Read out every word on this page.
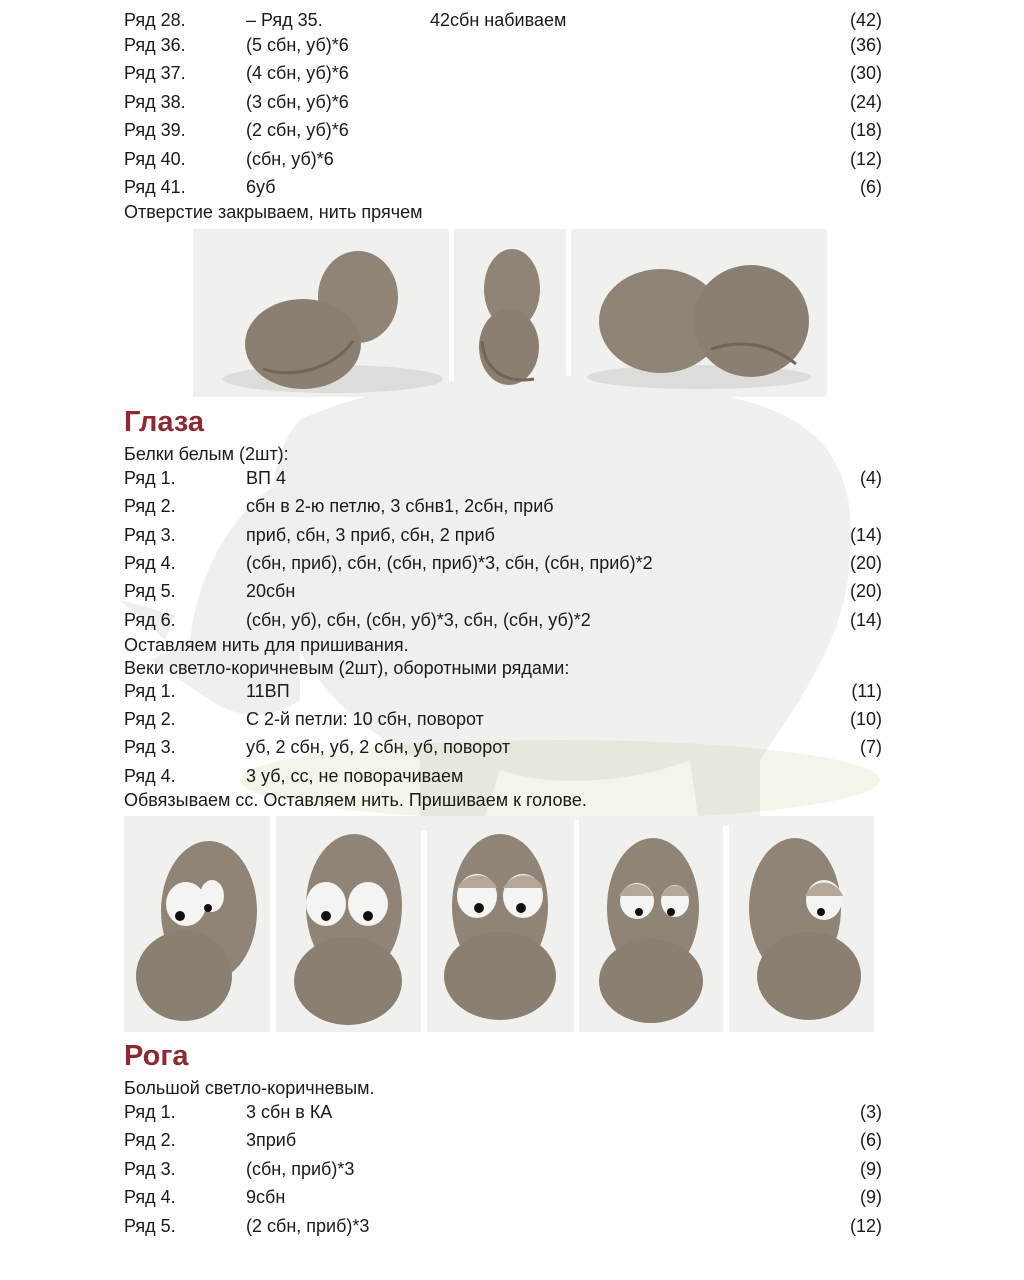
Ряд 28.	– Ряд 35.	42сбн набиваем	(42)
Ряд 36.	(5 сбн, уб)*6	(36)
Ряд 37.	(4 сбн, уб)*6	(30)
Ряд 38.	(3 сбн, уб)*6	(24)
Ряд 39.	(2 сбн, уб)*6	(18)
Ряд 40.	(сбн, уб)*6	(12)
Ряд 41.	6уб	(6)
Отверстие закрываем, нить прячем
Глаза
Белки белым (2шт):
Ряд 1.	ВП 4	(4)
Ряд 2.	сбн в 2-ю петлю, 3 сбнв1, 2сбн, приб
Ряд 3.	приб, сбн, 3 приб, сбн, 2 приб	(14)
Ряд 4.	(сбн, приб), сбн, (сбн, приб)*3, сбн, (сбн, приб)*2	(20)
Ряд 5.	20сбн	(20)
Ряд 6.	(сбн, уб), сбн, (сбн, уб)*3, сбн, (сбн, уб)*2	(14)
Оставляем нить для пришивания.
Веки светло-коричневым (2шт), оборотными рядами:
Ряд 1.	11ВП	(11)
Ряд 2.	С 2-й петли: 10 сбн, поворот	(10)
Ряд 3.	уб, 2 сбн, уб, 2 сбн, уб, поворот	(7)
Ряд 4.	3 уб, сс, не поворачиваем
Обвязываем сс. Оставляем нить. Пришиваем к голове.
Рога
Большой светло-коричневым.
Ряд 1.	3 сбн в КА	(3)
Ряд 2.	3приб	(6)
Ряд 3.	(сбн, приб)*3	(9)
Ряд 4.	9сбн	(9)
Ряд 5.	(2 сбн, приб)*3	(12)
